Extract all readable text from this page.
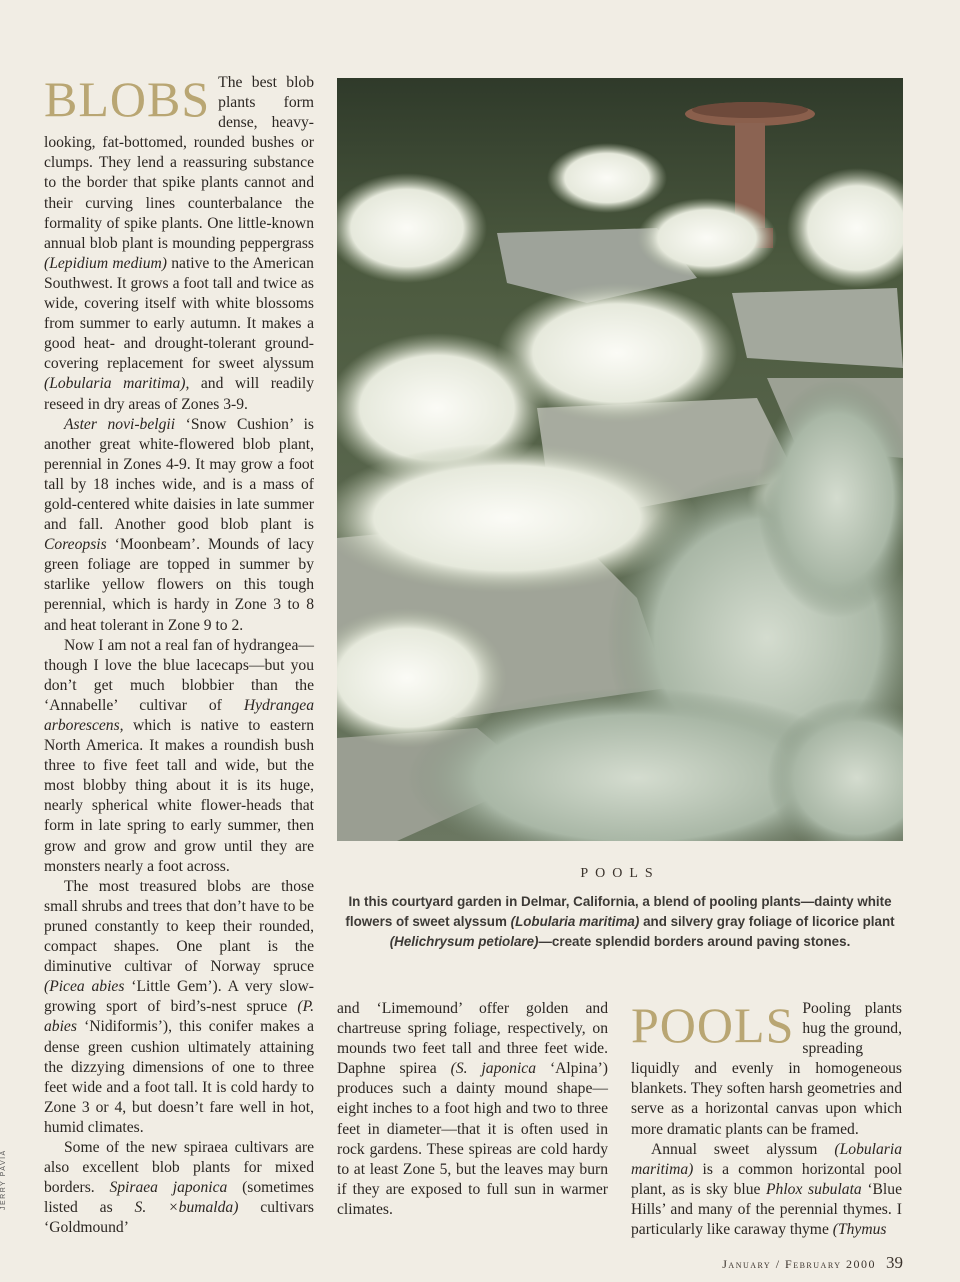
BLOBS The best blob plants form dense, heavy-looking, fat-bottomed, rounded bushes or clumps. They lend a reassuring substance to the border that spike plants cannot and their curving lines counterbalance the formality of spike plants. One little-known annual blob plant is mounding peppergrass (Lepidium medium) native to the American Southwest. It grows a foot tall and twice as wide, covering itself with white blossoms from summer to early autumn. It makes a good heat- and drought-tolerant ground-covering replacement for sweet alyssum (Lobularia maritima), and will readily reseed in dry areas of Zones 3-9.

Aster novi-belgii ‘Snow Cushion’ is another great white-flowered blob plant, perennial in Zones 4-9. It may grow a foot tall by 18 inches wide, and is a mass of gold-centered white daisies in late summer and fall. Another good blob plant is Coreopsis ‘Moonbeam’. Mounds of lacy green foliage are topped in summer by starlike yellow flowers on this tough perennial, which is hardy in Zone 3 to 8 and heat tolerant in Zone 9 to 2.

Now I am not a real fan of hydrangea—though I love the blue lacecaps—but you don’t get much blobbier than the ‘Annabelle’ cultivar of Hydrangea arborescens, which is native to eastern North America. It makes a roundish bush three to five feet tall and wide, but the most blobby thing about it is its huge, nearly spherical white flower-heads that form in late spring to early summer, then grow and grow and grow until they are monsters nearly a foot across.

The most treasured blobs are those small shrubs and trees that don’t have to be pruned constantly to keep their rounded, compact shapes. One plant is the diminutive cultivar of Norway spruce (Picea abies ‘Little Gem’). A very slow-growing sport of bird’s-nest spruce (P. abies ‘Nidiformis’), this conifer makes a dense green cushion ultimately attaining the dizzying dimensions of one to three feet wide and a foot tall. It is cold hardy to Zone 3 or 4, but doesn’t fare well in hot, humid climates.

Some of the new spiraea cultivars are also excellent blob plants for mixed borders. Spiraea japonica (sometimes listed as S. ×bumalda) cultivars ‘Goldmound’

POOLS
In this courtyard garden in Delmar, California, a blend of pooling plants—dainty white flowers of sweet alyssum (Lobularia maritima) and silvery gray foliage of licorice plant (Helichrysum petiolare)—create splendid borders around paving stones.

and ‘Limemound’ offer golden and chartreuse spring foliage, respectively, on mounds two feet tall and three feet wide. Daphne spirea (S. japonica ‘Alpina’) produces such a dainty mound shape—eight inches to a foot high and two to three feet in diameter—that it is often used in rock gardens. These spireas are cold hardy to at least Zone 5, but the leaves may burn if they are exposed to full sun in warmer climates.

POOLS Pooling plants hug the ground, spreading liquidly and evenly in homogeneous blankets. They soften harsh geometries and serve as a horizontal canvas upon which more dramatic plants can be framed.

Annual sweet alyssum (Lobularia maritima) is a common horizontal pool plant, as is sky blue Phlox subulata ‘Blue Hills’ and many of the perennial thymes. I particularly like caraway thyme (Thymus

JERRY PAVIA
January / February 2000 39
